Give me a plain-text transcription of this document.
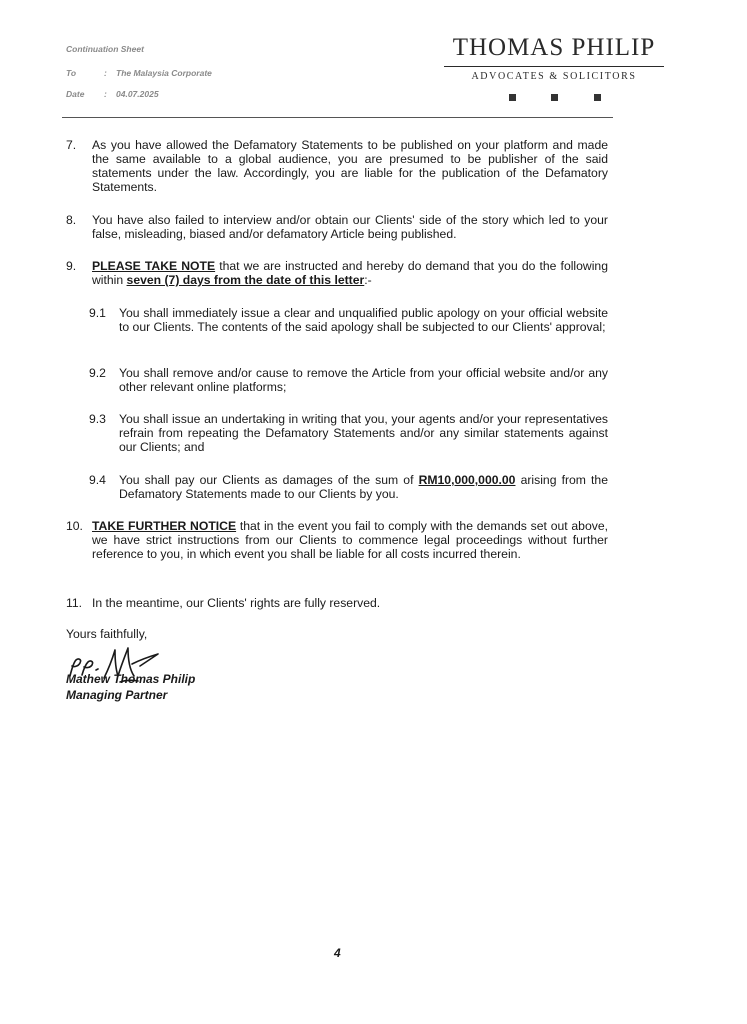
Continuation Sheet
To	: The Malaysia Corporate
Date : 04.07.2025
THOMAS PHILIP
ADVOCATES & SOLICITORS
7. As you have allowed the Defamatory Statements to be published on your platform and made the same available to a global audience, you are presumed to be publisher of the said statements under the law. Accordingly, you are liable for the publication of the Defamatory Statements.
8. You have also failed to interview and/or obtain our Clients' side of the story which led to your false, misleading, biased and/or defamatory Article being published.
9. PLEASE TAKE NOTE that we are instructed and hereby do demand that you do the following within seven (7) days from the date of this letter:-
9.1 You shall immediately issue a clear and unqualified public apology on your official website to our Clients. The contents of the said apology shall be subjected to our Clients' approval;
9.2 You shall remove and/or cause to remove the Article from your official website and/or any other relevant online platforms;
9.3 You shall issue an undertaking in writing that you, your agents and/or your representatives refrain from repeating the Defamatory Statements and/or any similar statements against our Clients; and
9.4 You shall pay our Clients as damages of the sum of RM10,000,000.00 arising from the Defamatory Statements made to our Clients by you.
10. TAKE FURTHER NOTICE that in the event you fail to comply with the demands set out above, we have strict instructions from our Clients to commence legal proceedings without further reference to you, in which event you shall be liable for all costs incurred therein.
11. In the meantime, our Clients' rights are fully reserved.
Yours faithfully,
Mathew Thomas Philip
Managing Partner
4
